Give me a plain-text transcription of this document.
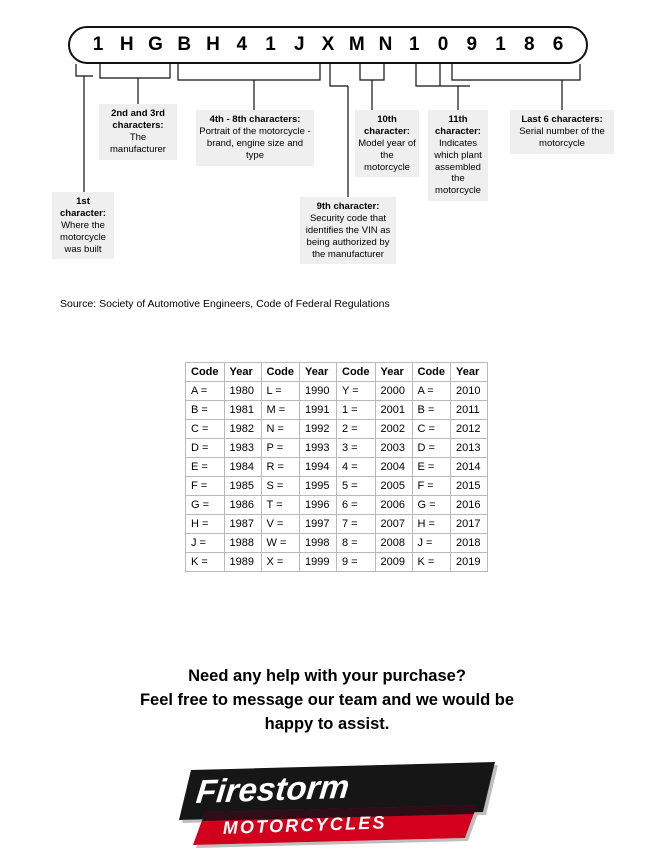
1 H G B H 4 1 J X M N 1 0 9 1 8 6
1st character:
Where the motorcycle was built
2nd and 3rd characters:
The manufacturer
4th - 8th characters:
Portrait of the motorcycle - brand, engine size and type
9th character:
Security code that identifies the VIN as being authorized by the manufacturer
10th character:
Model year of the motorcycle
11th character:
Indicates which plant assembled the motorcycle
Last 6 characters:
Serial number of the motorcycle
Source: Society of Automotive Engineers, Code of Federal Regulations
Code	Year	Code	Year	Code	Year	Code	Year
A =	1980	L =	1990	Y =	2000	A =	2010
B =	1981	M =	1991	1 =	2001	B =	2011
C =	1982	N =	1992	2 =	2002	C =	2012
D =	1983	P =	1993	3 =	2003	D =	2013
E =	1984	R =	1994	4 =	2004	E =	2014
F =	1985	S =	1995	5 =	2005	F =	2015
G =	1986	T =	1996	6 =	2006	G =	2016
H =	1987	V =	1997	7 =	2007	H =	2017
J =	1988	W =	1998	8 =	2008	J =	2018
K =	1989	X =	1999	9 =	2009	K =	2019
Need any help with your purchase?
Feel free to message our team and we would be
happy to assist.
Firestorm
MOTORCYCLES
